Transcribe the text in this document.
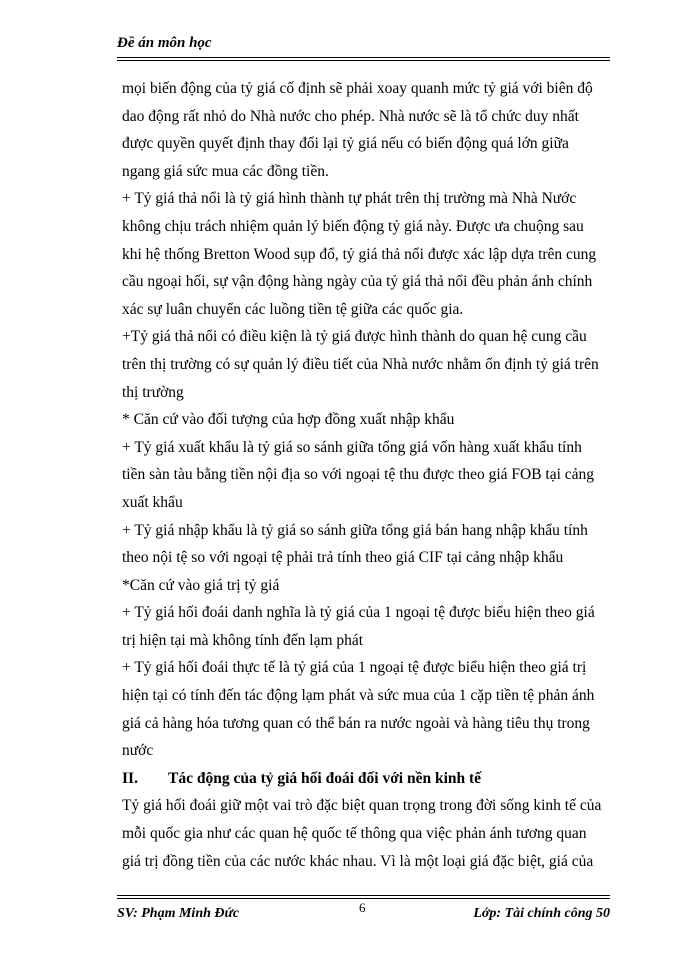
Đề án môn học
mọi biến động của tỷ giá cố định sẽ phải xoay quanh mức tỷ giá với biên độ
dao động rất nhỏ do Nhà nước cho phép. Nhà nước sẽ là tổ chức duy nhất
được quyền quyết định thay đổi lại tỷ giá nếu có biến động quá lớn giữa
ngang giá sức mua các đồng tiền.
+ Tỷ giá thả nổi là tỷ giá hình thành tự phát trên thị trường mà Nhà Nước
không chịu trách nhiệm quản lý biến động tỷ giá này. Được ưa chuộng sau
khi hệ thống Bretton Wood sụp đổ, tỷ giá thả nổi được xác lập dựa trên cung
cầu ngoại hối, sự vận động hàng ngày của tỷ giá thả nổi đều phản ánh chính
xác sự luân chuyển các luồng tiền tệ giữa các quốc gia.
+Tỷ giá thả nổi có điều kiện là tỷ giá được hình thành do quan hệ cung cầu
trên thị trường có sự quản lý điều tiết của Nhà nước nhằm ổn định tỷ giá trên
thị trường
* Căn cứ vào đối tượng của hợp đồng xuất nhập khẩu
+ Tỷ giá xuất khẩu là tỷ giá so sánh giữa tổng giá vốn hàng xuất khẩu tính
tiền sàn tàu bằng tiền nội địa so với ngoại tệ thu được theo giá FOB tại cảng
xuất khẩu
+ Tỷ giá nhập khẩu là tỷ giá so sánh giữa tổng giá bán hang nhập khẩu tính
theo nội tệ so với ngoại tệ phải trả tính theo giá CIF tại cảng nhập khẩu
*Căn cứ vào giá trị tỷ giá
+ Tỷ giá hối đoái danh nghĩa là tỷ giá của 1 ngoại tệ được biểu hiện theo giá
trị hiện tại mà không tính đến lạm phát
+ Tỷ giá hối đoái thực tế là tỷ giá của 1 ngoại tệ được biểu hiện theo giá trị
hiện tại có tính đến tác động lạm phát và sức mua của 1 cặp tiền tệ phản ánh
giá cả hàng hóa tương quan có thể bán ra nước ngoài và hàng tiêu thụ trong
nước
II. Tác động của tỷ giá hối đoái đối với nền kinh tế
Tỷ giá hối đoái giữ một vai trò đặc biệt quan trọng trong đời sống kinh tế của
mỗi quốc gia như các quan hệ quốc tế thông qua việc phản ánh tương quan
giá trị đồng tiền của các nước khác nhau. Vì là một loại giá đặc biệt, giá của
SV: Phạm Minh Đức	6	Lớp: Tài chính công 50
